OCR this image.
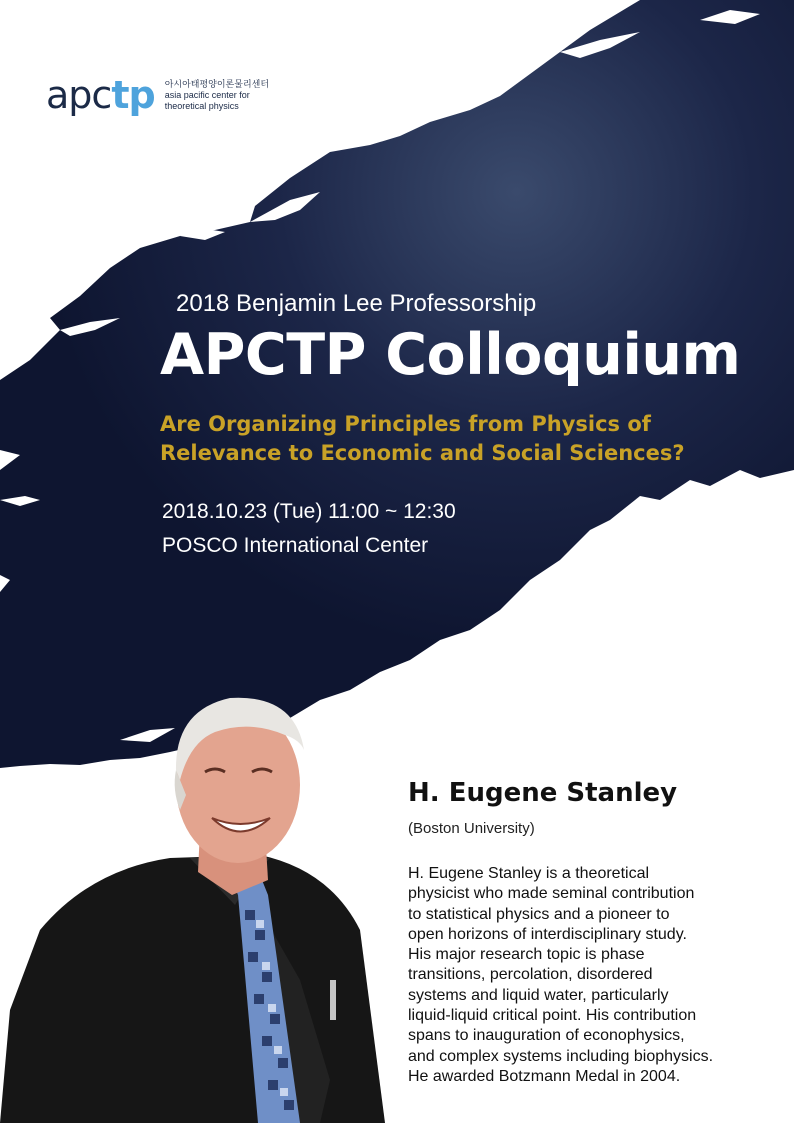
apctp 아시아태평양이론물리센터
asia pacific center for
theoretical physics
2018 Benjamin Lee Professorship
APCTP Colloquium
Are Organizing Principles from Physics of
Relevance to Economic and Social Sciences?
2018.10.23 (Tue) 11:00 ~ 12:30
POSCO International Center
H. Eugene Stanley
(Boston University)
H. Eugene Stanley is a theoretical
physicist who made seminal contribution
to statistical physics and a pioneer to
open horizons of interdisciplinary study.
His major research topic is phase
transitions, percolation, disordered
systems and liquid water, particularly
liquid-liquid critical point. His contribution
spans to inauguration of econophysics,
and complex systems including biophysics.
He awarded Botzmann Medal in 2004.
